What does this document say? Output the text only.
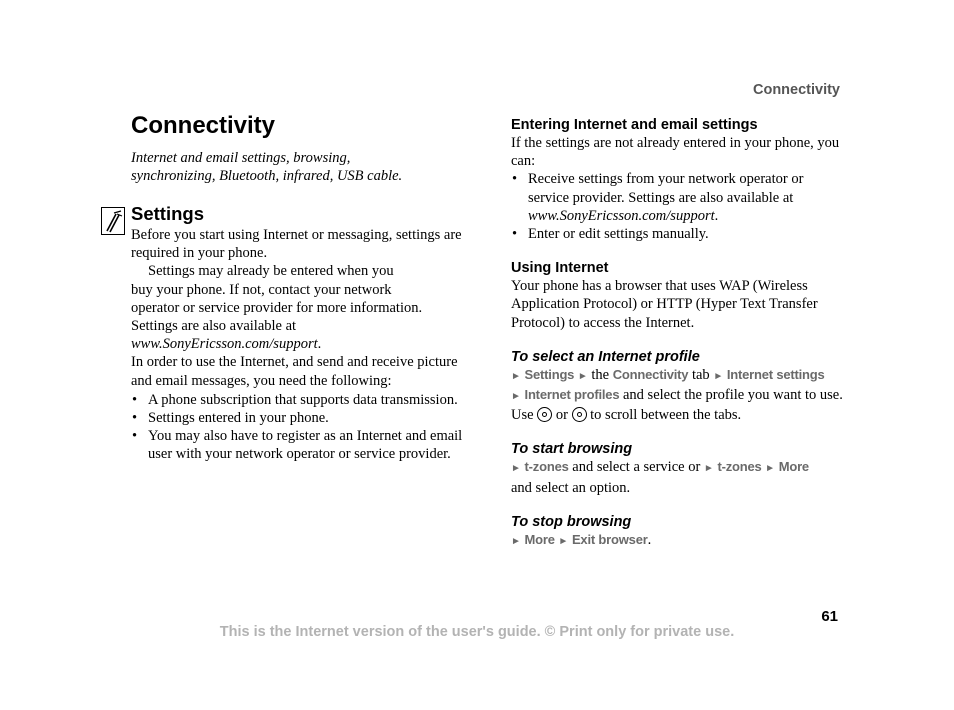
Connectivity
Connectivity
Internet and email settings, browsing,
synchronizing, Bluetooth, infrared, USB cable.
Settings

Before you start using Internet or messaging, settings are required in your phone.

Settings may already be entered when you
buy your phone. If not, contact your network
operator or service provider for more information.
Settings are also available at
www.SonyEricsson.com/support.

In order to use the Internet, and send and receive picture and email messages, you need the following:

• A phone subscription that supports data transmission.
• Settings entered in your phone.
• You may also have to register as an Internet and email user with your network operator or service provider.
Entering Internet and email settings

If the settings are not already entered in your phone, you can:

• Receive settings from your network operator or service provider. Settings are also available at www.SonyEricsson.com/support.
• Enter or edit settings manually.
Using Internet

Your phone has a browser that uses WAP (Wireless Application Protocol) or HTTP (Hyper Text Transfer Protocol) to access the Internet.

To select an Internet profile

► Settings ► the Connectivity tab ► Internet settings
► Internet profiles and select the profile you want to use. Use or to scroll between the tabs.

To start browsing

► t-zones and select a service or ► t-zones ► More
and select an option.

To stop browsing

► More ► Exit browser.

61
This is the Internet version of the user's guide. © Print only for private use.
